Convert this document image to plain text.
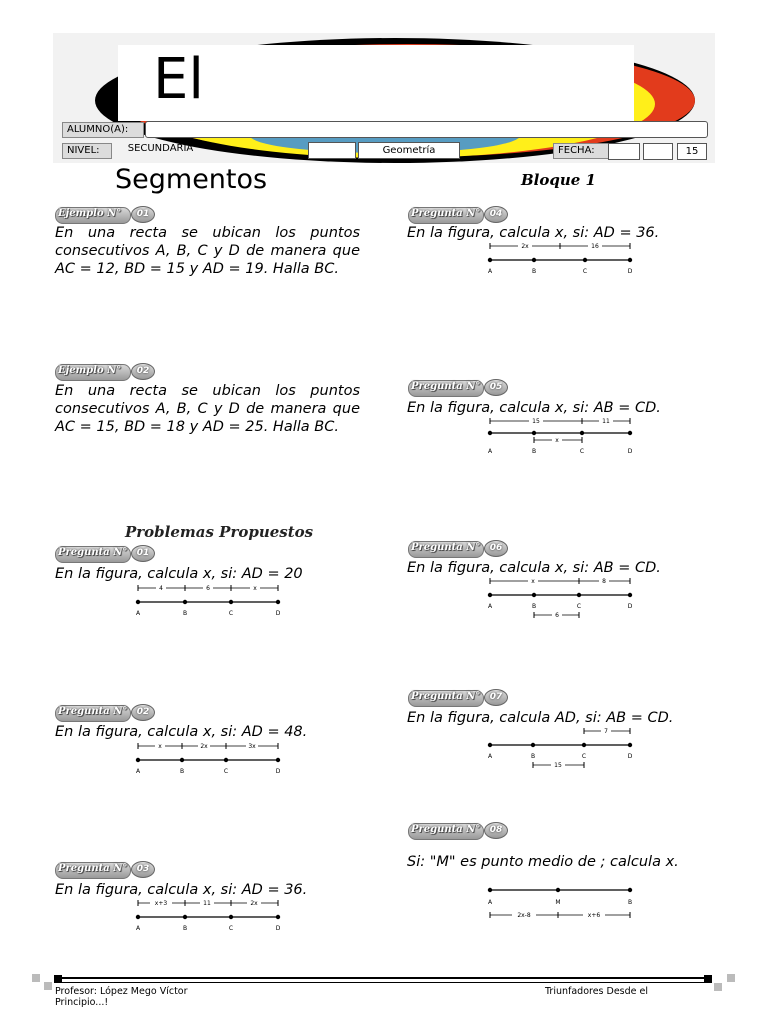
El
ALUMNO(A):
NIVEL:	SECUNDARIA	Geometría	FECHA:	15
Segmentos	Bloque 1
Problemas Propuestos
Ejemplo N°	01
En una recta se ubican los puntos consecutivos A, B, C y D de manera que AC = 12, BD = 15 y AD = 19. Halla BC.
Ejemplo N°	02
En una recta se ubican los puntos consecutivos A, B, C y D de manera que AC = 15, BD = 18 y AD = 25. Halla BC.
Pregunta N°	01
En la figura, calcula x, si: AD = 20
4	6	x
A	B	C	D
Pregunta N°	02
En la figura, calcula x, si: AD = 48.
x	2x	3x
A	B	C	D
Pregunta N°	03
En la figura, calcula x, si: AD = 36.
x+3	11	2x
A	B	C	D
Pregunta N°	04
En la figura, calcula x, si: AD = 36.
2x	16
A	B	C	D
Pregunta N°	05
En la figura, calcula x, si: AB = CD.
15	11
x
A	B	C	D
Pregunta N°	06
En la figura, calcula x, si: AB = CD.
x	8
A	B	C	D
6
Pregunta N°	07
En la figura, calcula AD, si: AB = CD.
7
A	B	C	D
15
Pregunta N°	08
Si: "M" es punto medio de ; calcula x.
A	M	B
2x-8	x+6
Profesor: López Mego Víctor Principio...!
Triunfadores Desde el
